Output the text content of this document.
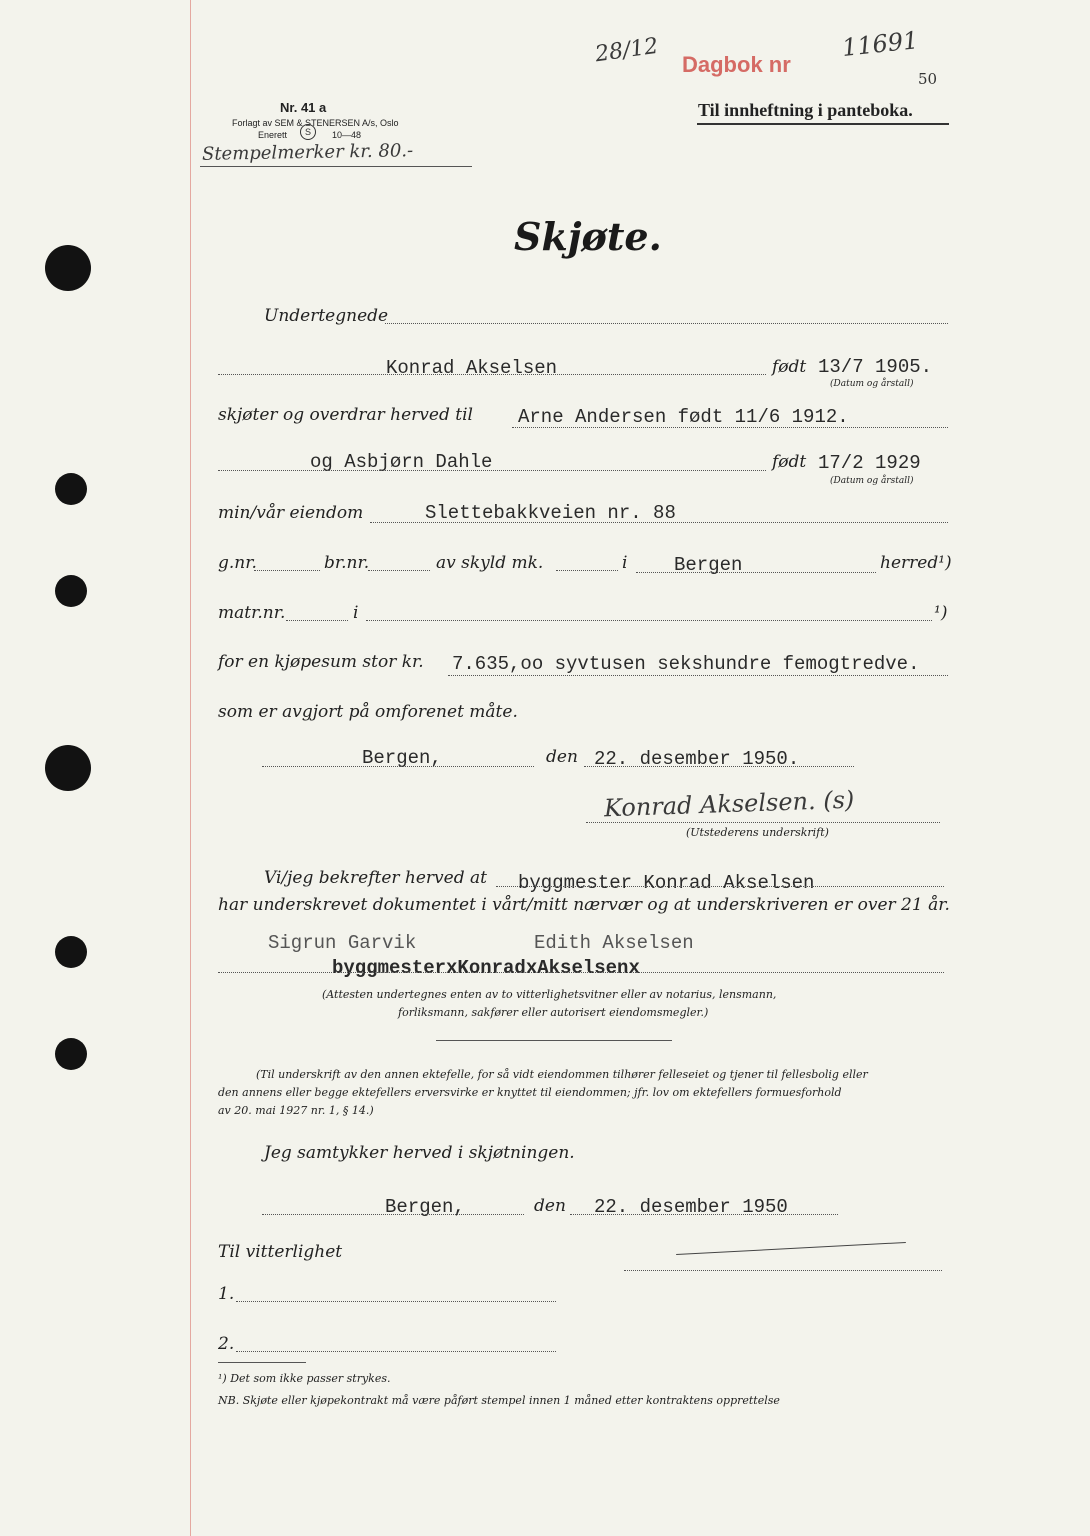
Nr. 41 a
Forlagt av SEM & STENERSEN A/s, Oslo
Enerett	S	10—48
Stempelmerker kr. 80.-
28/12 Dagbok nr
11691
50
Til innheftning i panteboka.
Skjøte.
Undertegnede
Konrad Akselsen	født 13/7 1905.
(Datum og årstall)
skjøter og overdrar herved til Arne Andersen født 11/6 1912.
og Asbjørn Dahle	født 17/2 1929
(Datum og årstall)
min/vår eiendom	Slettebakkveien nr. 88
g.nr.	br.nr.	av skyld mk.	i Bergen	herred¹)
matr.nr.	i	¹)
for en kjøpesum stor kr. 7.635,oo syvtusen sekshundre femogtredve.
som er avgjort på omforenet måte.
Bergen,	den 22. desember 1950.
Konrad Akselsen. (s)
(Utstederens underskrift)
Vi/jeg bekrefter herved at byggmester Konrad Akselsen
har underskrevet dokumentet i vårt/mitt nærvær og at underskriveren er over 21 år.
Sigrun Garvik	Edith Akselsen
byggmesterxKonradxAkselsenx
(Attesten undertegnes enten av to vitterlighetsvitner eller av notarius, lensmann,
forliksmann, sakfører eller autorisert eiendomsmegler.)
(Til underskrift av den annen ektefelle, for så vidt eiendommen tilhører felleseiet og tjener til fellesbolig eller
den annens eller begge ektefellers erversvirke er knyttet til eiendommen; jfr. lov om ektefellers formuesforhold
av 20. mai 1927 nr. 1, § 14.)
Jeg samtykker herved i skjøtningen.
Bergen,	den 22. desember 1950
Til vitterlighet
1.
2.
¹) Det som ikke passer strykes.
NB. Skjøte eller kjøpekontrakt må være påført stempel innen 1 måned etter kontraktens opprettelse
